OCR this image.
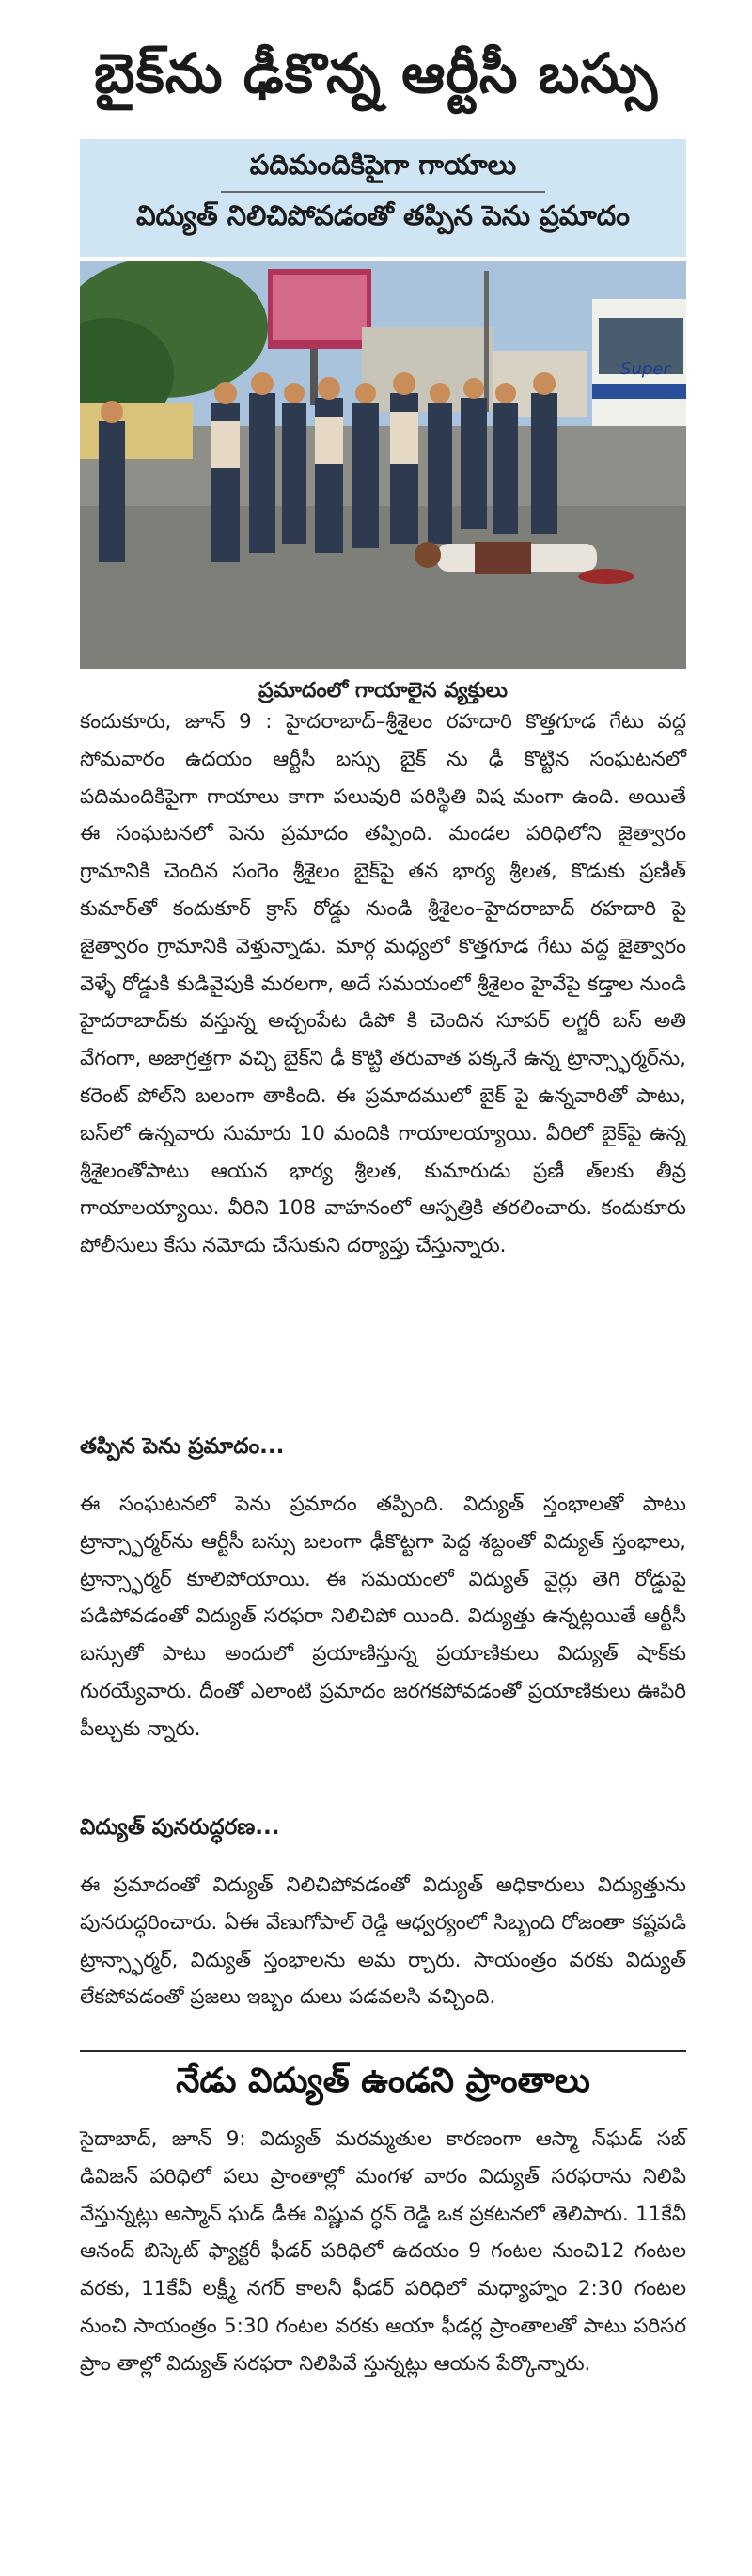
బైక్‌ను ఢీకొన్న ఆర్టీసీ బస్సు
పదిమందికిపైగా గాయాలు
విద్యుత్ నిలిచిపోవడంతో తప్పిన పెను ప్రమాదం
Super
ప్రమాదంలో గాయాలైన వ్యక్తులు
కందుకూరు, జూన్ 9 : హైదరాబాద్–శ్రీశైలం రహదారి కొత్తగూడ గేటు వద్ద సోమవారం ఉదయం ఆర్టీసీ బస్సు బైక్ ను ఢీ కొట్టిన సంఘటనలో పదిమందికిపైగా గాయాలు కాగా పలువురి పరిస్థితి విష మంగా ఉంది. అయితే ఈ సంఘటనలో పెను ప్రమాదం తప్పింది. మండల పరిధిలోని జైత్వారం గ్రామానికి చెందిన సంగెం శ్రీశైలం బైక్‌పై తన భార్య శ్రీలత, కొడుకు ప్రణీత్ కుమార్‌తో కందుకూర్ క్రాస్ రోడ్డు నుండి శ్రీశైలం–హైదరాబాద్ రహదారి పై జైత్వారం గ్రామానికి వెళ్తున్నాడు. మార్గ మధ్యలో కొత్తగూడ గేటు వద్ద జైత్వారం వెళ్ళే రోడ్డుకి కుడివైపుకి మరలగా, అదే సమయంలో శ్రీశైలం హైవేపై కడ్తాల నుండి హైదరాబాద్‌కు వస్తున్న అచ్చంపేట డిపో కి చెందిన సూపర్ లగ్జరీ బస్ అతి వేగంగా, అజాగ్రత్తగా వచ్చి బైక్‌ని ఢీ కొట్టి తరువాత పక్కనే ఉన్న ట్రాన్స్ఫార్మర్‌ను, కరెంట్ పోల్‌ని బలంగా తాకింది. ఈ ప్రమాదములో బైక్ పై ఉన్నవారితో పాటు, బస్‌లో ఉన్నవారు సుమారు 10 మందికి గాయాలయ్యాయి. వీరిలో బైక్‌పై ఉన్న శ్రీశైలంతోపాటు ఆయన భార్య శ్రీలత, కుమారుడు ప్రణీ త్‌లకు తీవ్ర గాయాలయ్యాయి. వీరిని 108 వాహనంలో ఆస్పత్రికి తరలించారు. కందుకూరు పోలీసులు కేసు నమోదు చేసుకుని దర్యాప్తు చేస్తున్నారు.
తప్పిన పెను ప్రమాదం...
ఈ సంఘటనలో పెను ప్రమాదం తప్పింది. విద్యుత్ స్తంభాలతో పాటు ట్రాన్స్ఫార్మర్‌ను ఆర్టీసీ బస్సు బలంగా ఢీకొట్టగా పెద్ద శబ్దంతో విద్యుత్ స్తంభాలు, ట్రాన్స్ఫార్మర్ కూలిపోయాయి. ఈ సమయంలో విద్యుత్ వైర్లు తెగి రోడ్డుపై పడిపోవడంతో విద్యుత్ సరఫరా నిలిచిపో యింది. విద్యుత్తు ఉన్నట్లయితే ఆర్టీసీ బస్సుతో పాటు అందులో ప్రయాణిస్తున్న ప్రయాణికులు విద్యుత్ షాక్‌కు గురయ్యేవారు. దీంతో ఎలాంటి ప్రమాదం జరగకపోవడంతో ప్రయాణికులు ఊపిరి పీల్చుకు న్నారు.
విద్యుత్ పునరుద్ధరణ...
ఈ ప్రమాదంతో విద్యుత్ నిలిచిపోవడంతో విద్యుత్ అధికారులు విద్యుత్తును పునరుద్ధరించారు. ఏఈ వేణుగోపాల్ రెడ్డి ఆధ్వర్యంలో సిబ్బంది రోజంతా కష్టపడి ట్రాన్స్ఫార్మర్, విద్యుత్ స్తంభాలను అమ ర్చారు. సాయంత్రం వరకు విద్యుత్ లేకపోవడంతో ప్రజలు ఇబ్బం దులు పడవలసి వచ్చింది.
నేడు విద్యుత్ ఉండని ప్రాంతాలు
సైదాబాద్, జూన్ 9: విద్యుత్ మరమ్మతుల కారణంగా ఆస్మా న్‌ఘడ్ సబ్ డివిజన్ పరిధిలో పలు ప్రాంతాల్లో మంగళ వారం విద్యుత్ సరఫరాను నిలిపి వేస్తున్నట్లు అస్మాన్ ఘడ్ డీఈ విష్ణువ ర్ధన్ రెడ్డి ఒక ప్రకటనలో తెలిపారు. 11కేవీ ఆనంద్ బిస్కెట్ ఫ్యాక్టరీ ఫీడర్ పరిధిలో ఉదయం 9 గంటల నుంచి12 గంటల వరకు, 11కేవీ లక్ష్మీ నగర్ కాలనీ ఫీడర్ పరిధిలో మధ్యాహ్నం 2:30 గంటల నుంచి సాయంత్రం 5:30 గంటల వరకు ఆయా ఫీడర్ల ప్రాంతాలతో పాటు పరిసర ప్రాం తాల్లో విద్యుత్ సరఫరా నిలిపివే స్తున్నట్లు ఆయన పేర్కొన్నారు.
